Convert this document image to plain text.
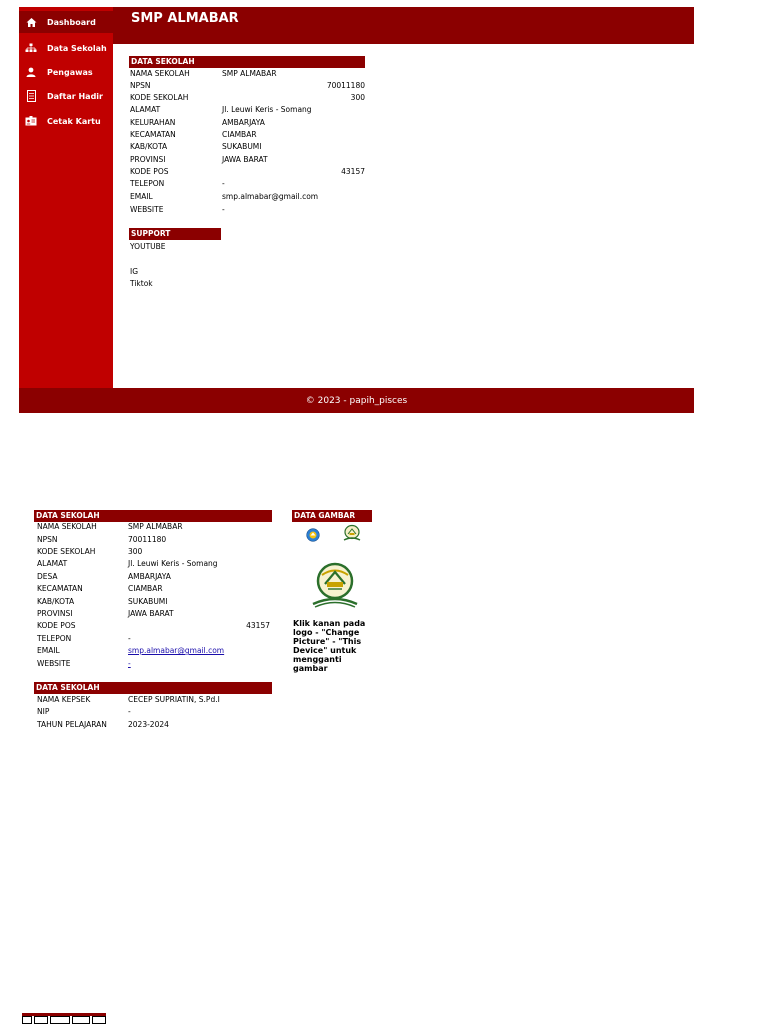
Dashboard
Data Sekolah
Pengawas
Daftar Hadir
Cetak Kartu
SMP ALMABAR
DATA SEKOLAH
NAMA SEKOLAH	SMP ALMABAR
NPSN	70011180
KODE SEKOLAH	300
ALAMAT	Jl. Leuwi Keris - Somang
KELURAHAN	AMBARJAYA
KECAMATAN	CIAMBAR
KAB/KOTA	SUKABUMI
PROVINSI	JAWA BARAT
KODE POS	43157
TELEPON	-
EMAIL	smp.almabar@gmail.com
WEBSITE	-
SUPPORT
YOUTUBE
IG
Tiktok
© 2023 - papih_pisces
DATA SEKOLAH
NAMA SEKOLAH	SMP ALMABAR
NPSN	70011180
KODE SEKOLAH	300
ALAMAT	Jl. Leuwi Keris - Somang
DESA	AMBARJAYA
KECAMATAN	CIAMBAR
KAB/KOTA	SUKABUMI
PROVINSI	JAWA BARAT
KODE POS	43157
TELEPON	-
EMAIL	smp.almabar@gmail.com
WEBSITE	-
DATA SEKOLAH
NAMA KEPSEK	CECEP SUPRIATIN, S.Pd.I
NIP	-
TAHUN PELAJARAN	2023-2024
DATA GAMBAR
Klik kanan pada logo - "Change Picture" - "This Device" untuk mengganti gambar
